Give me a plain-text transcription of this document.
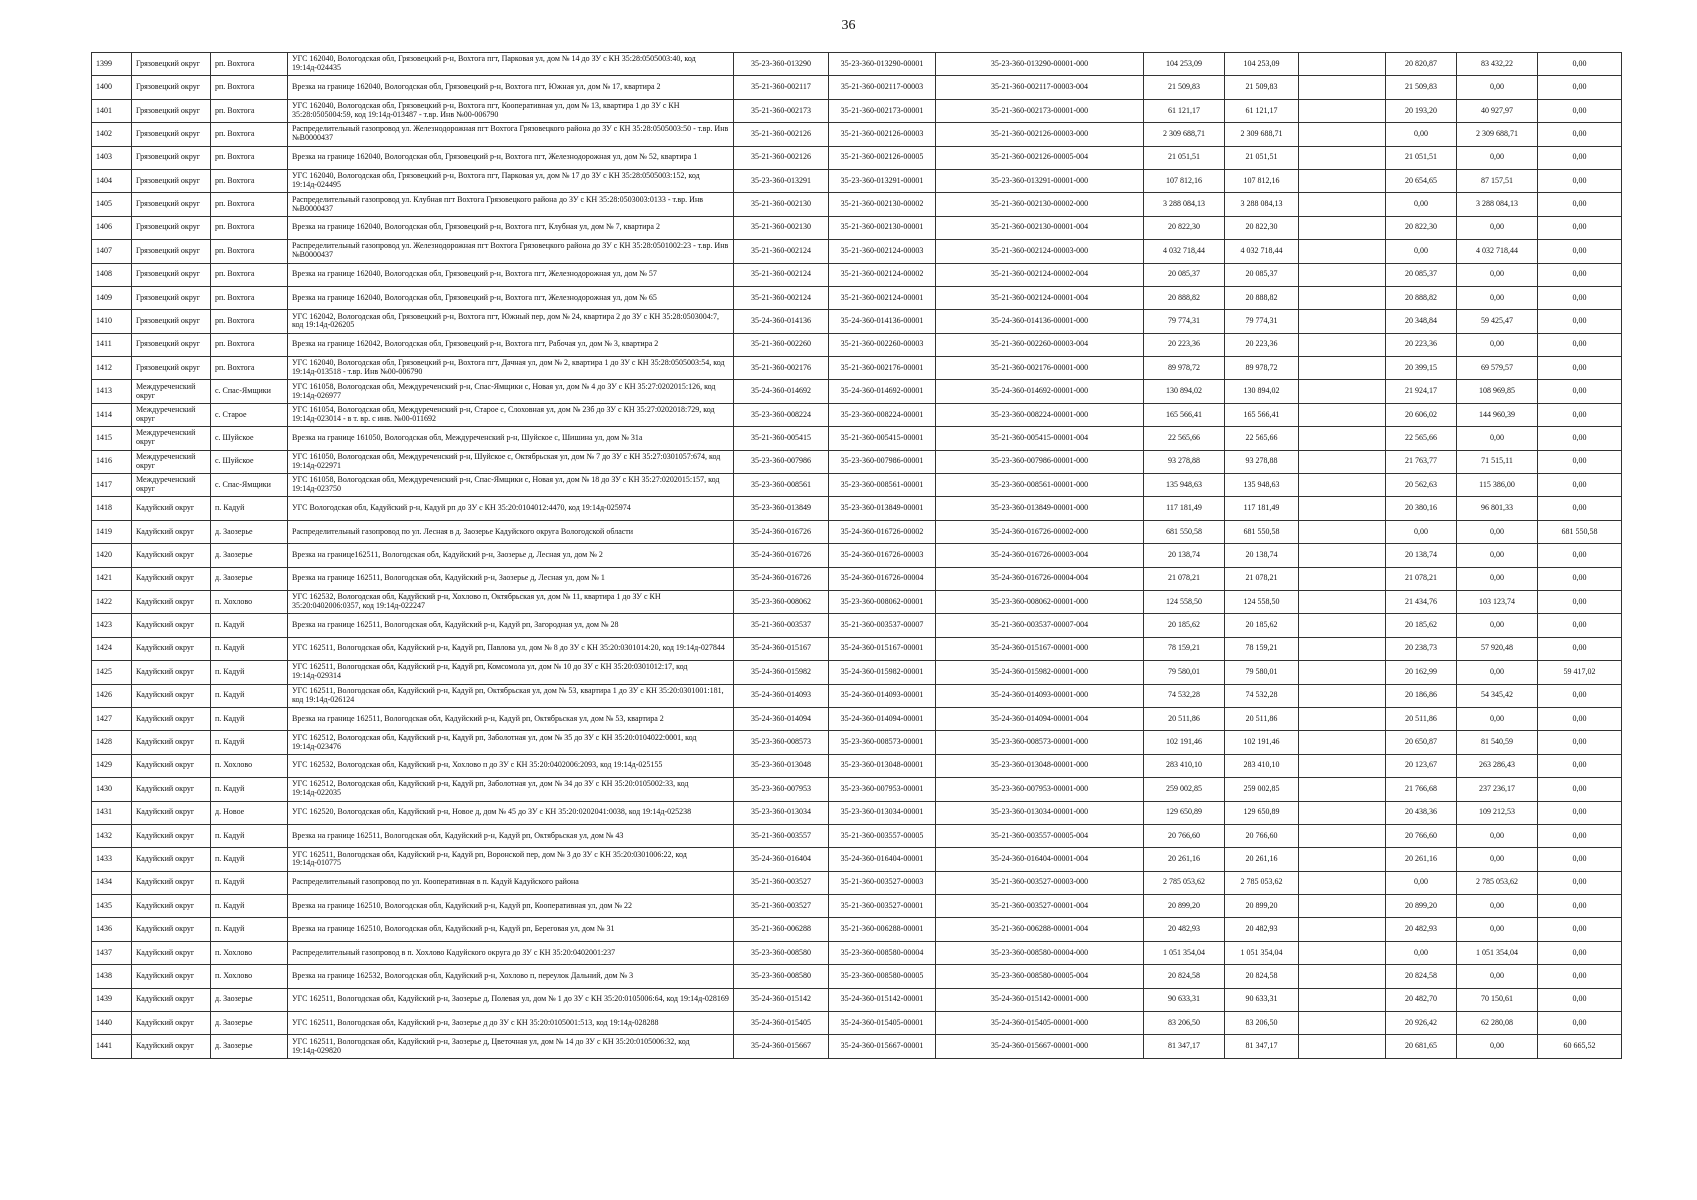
36
1399	Грязовецкий округ	рп. Вохтога	УГС 162040, Вологодская обл, Грязовецкий р-н, Вохтога пгт, Парковая ул, дом № 14 до ЗУ с КН 35:28:0505003:40, код 19:14д-024435	35-23-360-013290	35-23-360-013290-00001	35-23-360-013290-00001-000	104 253,09	104 253,09		20 820,87	83 432,22	0,00
1400	Грязовецкий округ	рп. Вохтога	Врезка на границе 162040, Вологодская обл, Грязовецкий р-н, Вохтога пгт, Южная ул, дом № 17, квартира 2	35-21-360-002117	35-21-360-002117-00003	35-21-360-002117-00003-004	21 509,83	21 509,83		21 509,83	0,00	0,00
1401	Грязовецкий округ	рп. Вохтога	УГС 162040, Вологодская обл, Грязовецкий р-н, Вохтога пгт, Кооперативная ул, дом № 13, квартира 1 до ЗУ с КН 35:28:0505004:59, код 19:14д-013487 - т.вр. Инв №00-006790	35-21-360-002173	35-21-360-002173-00001	35-21-360-002173-00001-000	61 121,17	61 121,17		20 193,20	40 927,97	0,00
1402	Грязовецкий округ	рп. Вохтога	Распределительный газопровод ул. Железнодорожная пгт Вохтога Грязовецкого района до ЗУ с КН 35:28:0505003:50 - т.вр. Инв №В0000437	35-21-360-002126	35-21-360-002126-00003	35-21-360-002126-00003-000	2 309 688,71	2 309 688,71		0,00	2 309 688,71	0,00
1403	Грязовецкий округ	рп. Вохтога	Врезка на границе 162040, Вологодская обл, Грязовецкий р-н, Вохтога пгт, Железнодорожная ул, дом № 52, квартира 1	35-21-360-002126	35-21-360-002126-00005	35-21-360-002126-00005-004	21 051,51	21 051,51		21 051,51	0,00	0,00
1404	Грязовецкий округ	рп. Вохтога	УГС 162040, Вологодская обл, Грязовецкий р-н, Вохтога пгт, Парковая ул, дом № 17 до ЗУ с КН 35:28:0505003:152, код 19:14д-024495	35-23-360-013291	35-23-360-013291-00001	35-23-360-013291-00001-000	107 812,16	107 812,16		20 654,65	87 157,51	0,00
1405	Грязовецкий округ	рп. Вохтога	Распределительный газопровод ул. Клубная пгт Вохтога Грязовецкого района до ЗУ с КН 35:28:0503003:0133 - т.вр. Инв №В0000437	35-21-360-002130	35-21-360-002130-00002	35-21-360-002130-00002-000	3 288 084,13	3 288 084,13		0,00	3 288 084,13	0,00
1406	Грязовецкий округ	рп. Вохтога	Врезка на границе 162040, Вологодская обл, Грязовецкий р-н, Вохтога пгт, Клубная ул, дом № 7, квартира 2	35-21-360-002130	35-21-360-002130-00001	35-21-360-002130-00001-004	20 822,30	20 822,30		20 822,30	0,00	0,00
1407	Грязовецкий округ	рп. Вохтога	Распределительный газопровод ул. Железнодорожная пгт Вохтога Грязовецкого района до ЗУ с КН 35:28:0501002:23 - т.вр. Инв №В0000437	35-21-360-002124	35-21-360-002124-00003	35-21-360-002124-00003-000	4 032 718,44	4 032 718,44		0,00	4 032 718,44	0,00
1408	Грязовецкий округ	рп. Вохтога	Врезка на границе 162040, Вологодская обл, Грязовецкий р-н, Вохтога пгт, Железнодорожная ул, дом № 57	35-21-360-002124	35-21-360-002124-00002	35-21-360-002124-00002-004	20 085,37	20 085,37		20 085,37	0,00	0,00
1409	Грязовецкий округ	рп. Вохтога	Врезка на границе 162040, Вологодская обл, Грязовецкий р-н, Вохтога пгт, Железнодорожная ул, дом № 65	35-21-360-002124	35-21-360-002124-00001	35-21-360-002124-00001-004	20 888,82	20 888,82		20 888,82	0,00	0,00
1410	Грязовецкий округ	рп. Вохтога	УГС 162042, Вологодская обл, Грязовецкий р-н, Вохтога пгт, Южный пер, дом № 24, квартира 2 до ЗУ с КН 35:28:0503004:7, код 19:14д-026205	35-24-360-014136	35-24-360-014136-00001	35-24-360-014136-00001-000	79 774,31	79 774,31		20 348,84	59 425,47	0,00
1411	Грязовецкий округ	рп. Вохтога	Врезка на границе 162042, Вологодская обл, Грязовецкий р-н, Вохтога пгт, Рабочая ул, дом № 3, квартира 2	35-21-360-002260	35-21-360-002260-00003	35-21-360-002260-00003-004	20 223,36	20 223,36		20 223,36	0,00	0,00
1412	Грязовецкий округ	рп. Вохтога	УГС 162040, Вологодская обл, Грязовецкий р-н, Вохтога пгт, Дачная ул, дом № 2, квартира 1 до ЗУ с КН 35:28:0505003:54, код 19:14д-013518 - т.вр. Инв №00-006790	35-21-360-002176	35-21-360-002176-00001	35-21-360-002176-00001-000	89 978,72	89 978,72		20 399,15	69 579,57	0,00
1413	Междуреченский округ	с. Спас-Ямщики	УГС 161058, Вологодская обл, Междуреченский р-н, Спас-Ямщики с, Новая ул, дом № 4 до ЗУ с КН 35:27:0202015:126, код 19:14д-026977	35-24-360-014692	35-24-360-014692-00001	35-24-360-014692-00001-000	130 894,02	130 894,02		21 924,17	108 969,85	0,00
1414	Междуреченский округ	с. Старое	УГС 161054, Вологодская обл, Междуреченский р-н, Старое с, Слоховная ул, дом № 23б до ЗУ с КН 35:27:0202018:729, код 19:14д-023014 - в т. вр. с инв. №00-011692	35-23-360-008224	35-23-360-008224-00001	35-23-360-008224-00001-000	165 566,41	165 566,41		20 606,02	144 960,39	0,00
1415	Междуреченский округ	с. Шуйское	Врезка на границе 161050, Вологодская обл, Междуреченский р-н, Шуйское с, Шишина ул, дом № 31а	35-21-360-005415	35-21-360-005415-00001	35-21-360-005415-00001-004	22 565,66	22 565,66		22 565,66	0,00	0,00
1416	Междуреченский округ	с. Шуйское	УГС 161050, Вологодская обл, Междуреченский р-н, Шуйское с, Октябрьская ул, дом № 7 до ЗУ с КН 35:27:0301057:674, код 19:14д-022971	35-23-360-007986	35-23-360-007986-00001	35-23-360-007986-00001-000	93 278,88	93 278,88		21 763,77	71 515,11	0,00
1417	Междуреченский округ	с. Спас-Ямщики	УГС 161058, Вологодская обл, Междуреченский р-н, Спас-Ямщики с, Новая ул, дом № 18 до ЗУ с КН 35:27:0202015:157, код 19:14д-023750	35-23-360-008561	35-23-360-008561-00001	35-23-360-008561-00001-000	135 948,63	135 948,63		20 562,63	115 386,00	0,00
1418	Кадуйский округ	п. Кадуй	УГС Вологодская обл, Кадуйский р-н, Кадуй рп до ЗУ с КН 35:20:0104012:4470, код 19:14д-025974	35-23-360-013849	35-23-360-013849-00001	35-23-360-013849-00001-000	117 181,49	117 181,49		20 380,16	96 801,33	0,00
1419	Кадуйский округ	д. Заозерье	Распределительный газопровод по ул. Лесная в д. Заозерье Кадуйского округа Вологодской области	35-24-360-016726	35-24-360-016726-00002	35-24-360-016726-00002-000	681 550,58	681 550,58		0,00	0,00	681 550,58
1420	Кадуйский округ	д. Заозерье	Врезка на границе162511, Вологодская обл, Кадуйский р-н, Заозерье д, Лесная ул, дом № 2	35-24-360-016726	35-24-360-016726-00003	35-24-360-016726-00003-004	20 138,74	20 138,74		20 138,74	0,00	0,00
1421	Кадуйский округ	д. Заозерье	Врезка на границе 162511, Вологодская обл, Кадуйский р-н, Заозерье д, Лесная ул, дом № 1	35-24-360-016726	35-24-360-016726-00004	35-24-360-016726-00004-004	21 078,21	21 078,21		21 078,21	0,00	0,00
1422	Кадуйский округ	п. Хохлово	УГС 162532, Вологодская обл, Кадуйский р-н, Хохлово п, Октябрьская ул, дом № 11, квартира 1 до ЗУ с КН 35:20:0402006:0357, код 19:14д-022247	35-23-360-008062	35-23-360-008062-00001	35-23-360-008062-00001-000	124 558,50	124 558,50		21 434,76	103 123,74	0,00
1423	Кадуйский округ	п. Кадуй	Врезка на границе 162511, Вологодская обл, Кадуйский р-н, Кадуй рп, Загородная ул, дом № 28	35-21-360-003537	35-21-360-003537-00007	35-21-360-003537-00007-004	20 185,62	20 185,62		20 185,62	0,00	0,00
1424	Кадуйский округ	п. Кадуй	УГС 162511, Вологодская обл, Кадуйский р-н, Кадуй рп, Павлова ул, дом № 8 до ЗУ с КН 35:20:0301014:20, код 19:14д-027844	35-24-360-015167	35-24-360-015167-00001	35-24-360-015167-00001-000	78 159,21	78 159,21		20 238,73	57 920,48	0,00
1425	Кадуйский округ	п. Кадуй	УГС 162511, Вологодская обл, Кадуйский р-н, Кадуй рп, Комсомола ул, дом № 10 до ЗУ с КН 35:20:0301012:17, код 19:14д-029314	35-24-360-015982	35-24-360-015982-00001	35-24-360-015982-00001-000	79 580,01	79 580,01		20 162,99	0,00	59 417,02
1426	Кадуйский округ	п. Кадуй	УГС 162511, Вологодская обл, Кадуйский р-н, Кадуй рп, Октябрьская ул, дом № 53, квартира 1 до ЗУ с КН 35:20:0301001:181, код 19:14д-026124	35-24-360-014093	35-24-360-014093-00001	35-24-360-014093-00001-000	74 532,28	74 532,28		20 186,86	54 345,42	0,00
1427	Кадуйский округ	п. Кадуй	Врезка на границе 162511, Вологодская обл, Кадуйский р-н, Кадуй рп, Октябрьская ул, дом № 53, квартира 2	35-24-360-014094	35-24-360-014094-00001	35-24-360-014094-00001-004	20 511,86	20 511,86		20 511,86	0,00	0,00
1428	Кадуйский округ	п. Кадуй	УГС 162512, Вологодская обл, Кадуйский р-н, Кадуй рп, Заболотная ул, дом № 35 до ЗУ с КН 35:20:0104022:0001, код 19:14д-023476	35-23-360-008573	35-23-360-008573-00001	35-23-360-008573-00001-000	102 191,46	102 191,46		20 650,87	81 540,59	0,00
1429	Кадуйский округ	п. Хохлово	УГС 162532, Вологодская обл, Кадуйский р-н, Хохлово п до ЗУ с КН 35:20:0402006:2093, код 19:14д-025155	35-23-360-013048	35-23-360-013048-00001	35-23-360-013048-00001-000	283 410,10	283 410,10		20 123,67	263 286,43	0,00
1430	Кадуйский округ	п. Кадуй	УГС 162512, Вологодская обл, Кадуйский р-н, Кадуй рп, Заболотная ул, дом № 34 до ЗУ с КН 35:20:0105002:33, код 19:14д-022035	35-23-360-007953	35-23-360-007953-00001	35-23-360-007953-00001-000	259 002,85	259 002,85		21 766,68	237 236,17	0,00
1431	Кадуйский округ	д. Новое	УГС 162520, Вологодская обл, Кадуйский р-н, Новое д, дом № 45 до ЗУ с КН 35:20:0202041:0038, код 19:14д-025238	35-23-360-013034	35-23-360-013034-00001	35-23-360-013034-00001-000	129 650,89	129 650,89		20 438,36	109 212,53	0,00
1432	Кадуйский округ	п. Кадуй	Врезка на границе 162511, Вологодская обл, Кадуйский р-н, Кадуй рп, Октябрьская ул, дом № 43	35-21-360-003557	35-21-360-003557-00005	35-21-360-003557-00005-004	20 766,60	20 766,60		20 766,60	0,00	0,00
1433	Кадуйский округ	п. Кадуй	УГС 162511, Вологодская обл, Кадуйский р-н, Кадуй рп, Воронской пер, дом № 3 до ЗУ с КН 35:20:0301006:22, код 19:14д-010775	35-24-360-016404	35-24-360-016404-00001	35-24-360-016404-00001-004	20 261,16	20 261,16		20 261,16	0,00	0,00
1434	Кадуйский округ	п. Кадуй	Распределительный газопровод по ул. Кооперативная в п. Кадуй Кадуйского района	35-21-360-003527	35-21-360-003527-00003	35-21-360-003527-00003-000	2 785 053,62	2 785 053,62		0,00	2 785 053,62	0,00
1435	Кадуйский округ	п. Кадуй	Врезка на границе 162510, Вологодская обл, Кадуйский р-н, Кадуй рп, Кооперативная ул, дом № 22	35-21-360-003527	35-21-360-003527-00001	35-21-360-003527-00001-004	20 899,20	20 899,20		20 899,20	0,00	0,00
1436	Кадуйский округ	п. Кадуй	Врезка на границе 162510, Вологодская обл, Кадуйский р-н, Кадуй рп, Береговая ул, дом № 31	35-21-360-006288	35-21-360-006288-00001	35-21-360-006288-00001-004	20 482,93	20 482,93		20 482,93	0,00	0,00
1437	Кадуйский округ	п. Хохлово	Распределительный газопровод в п. Хохлово Кадуйского округа до ЗУ с КН 35:20:0402001:237	35-23-360-008580	35-23-360-008580-00004	35-23-360-008580-00004-000	1 051 354,04	1 051 354,04		0,00	1 051 354,04	0,00
1438	Кадуйский округ	п. Хохлово	Врезка на границе 162532, Вологодская обл, Кадуйский р-н, Хохлово п, переулок Дальний, дом № 3	35-23-360-008580	35-23-360-008580-00005	35-23-360-008580-00005-004	20 824,58	20 824,58		20 824,58	0,00	0,00
1439	Кадуйский округ	д. Заозерье	УГС 162511, Вологодская обл, Кадуйский р-н, Заозерье д, Полевая ул, дом № 1 до ЗУ с КН 35:20:0105006:64, код 19:14д-028169	35-24-360-015142	35-24-360-015142-00001	35-24-360-015142-00001-000	90 633,31	90 633,31		20 482,70	70 150,61	0,00
1440	Кадуйский округ	д. Заозерье	УГС 162511, Вологодская обл, Кадуйский р-н, Заозерье д до ЗУ с КН 35:20:0105001:513, код 19:14д-028288	35-24-360-015405	35-24-360-015405-00001	35-24-360-015405-00001-000	83 206,50	83 206,50		20 926,42	62 280,08	0,00
1441	Кадуйский округ	д. Заозерье	УГС 162511, Вологодская обл, Кадуйский р-н, Заозерье д, Цветочная ул, дом № 14 до ЗУ с КН 35:20:0105006:32, код 19:14д-029820	35-24-360-015667	35-24-360-015667-00001	35-24-360-015667-00001-000	81 347,17	81 347,17		20 681,65	0,00	60 665,52
